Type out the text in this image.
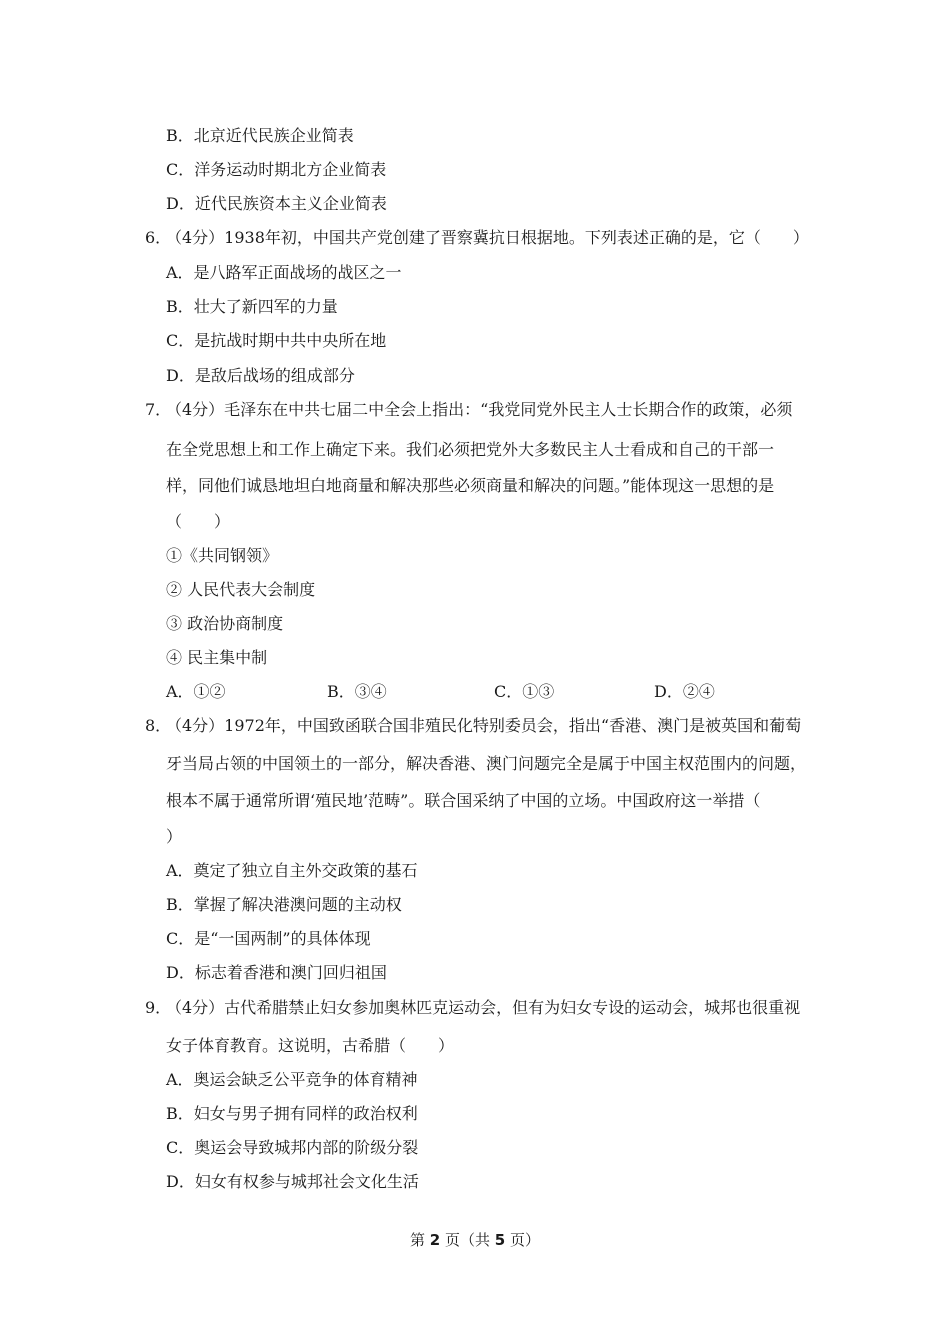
B．北京近代民族企业简表
C．洋务运动时期北方企业简表
D．近代民族资本主义企业简表
6．
（4分）1938年初，中国共产党创建了晋察冀抗日根据地。下列表述正确的是，它（　　）
A．是八路军正面战场的战区之一
B．壮大了新四军的力量
C．是抗战时期中共中央所在地
D．是敌后战场的组成部分
7．
（4分）毛泽东在中共七届二中全会上指出：“我党同党外民主人士长期合作的政策，必须
在全党思想上和工作上确定下来。我们必须把党外大多数民主人士看成和自己的干部一
样，同他们诚恳地坦白地商量和解决那些必须商量和解决的问题。”能体现这一思想的是
（　　）
①《共同钢领》
② 人民代表大会制度
③ 政治协商制度
④ 民主集中制
A．①②	B．③④	C．①③	D．②④
8．
（4分）1972年，中国致函联合国非殖民化特别委员会，指出“香港、澳门是被英国和葡萄
牙当局占领的中国领土的一部分，解决香港、澳门问题完全是属于中国主权范围内的问题，
根本不属于通常所谓‘殖民地’范畴”。联合国采纳了中国的立场。中国政府这一举措（
）
A．奠定了独立自主外交政策的基石
B．掌握了解决港澳问题的主动权
C．是“一国两制”的具体体现
D．标志着香港和澳门回归祖国
9．
（4分）古代希腊禁止妇女参加奥林匹克运动会，但有为妇女专设的运动会，城邦也很重视
女子体育教育。这说明，古希腊（　　）
A．奥运会缺乏公平竞争的体育精神
B．妇女与男子拥有同样的政治权利
C．奥运会导致城邦内部的阶级分裂
D．妇女有权参与城邦社会文化生活
第 2 页（共 5 页）
